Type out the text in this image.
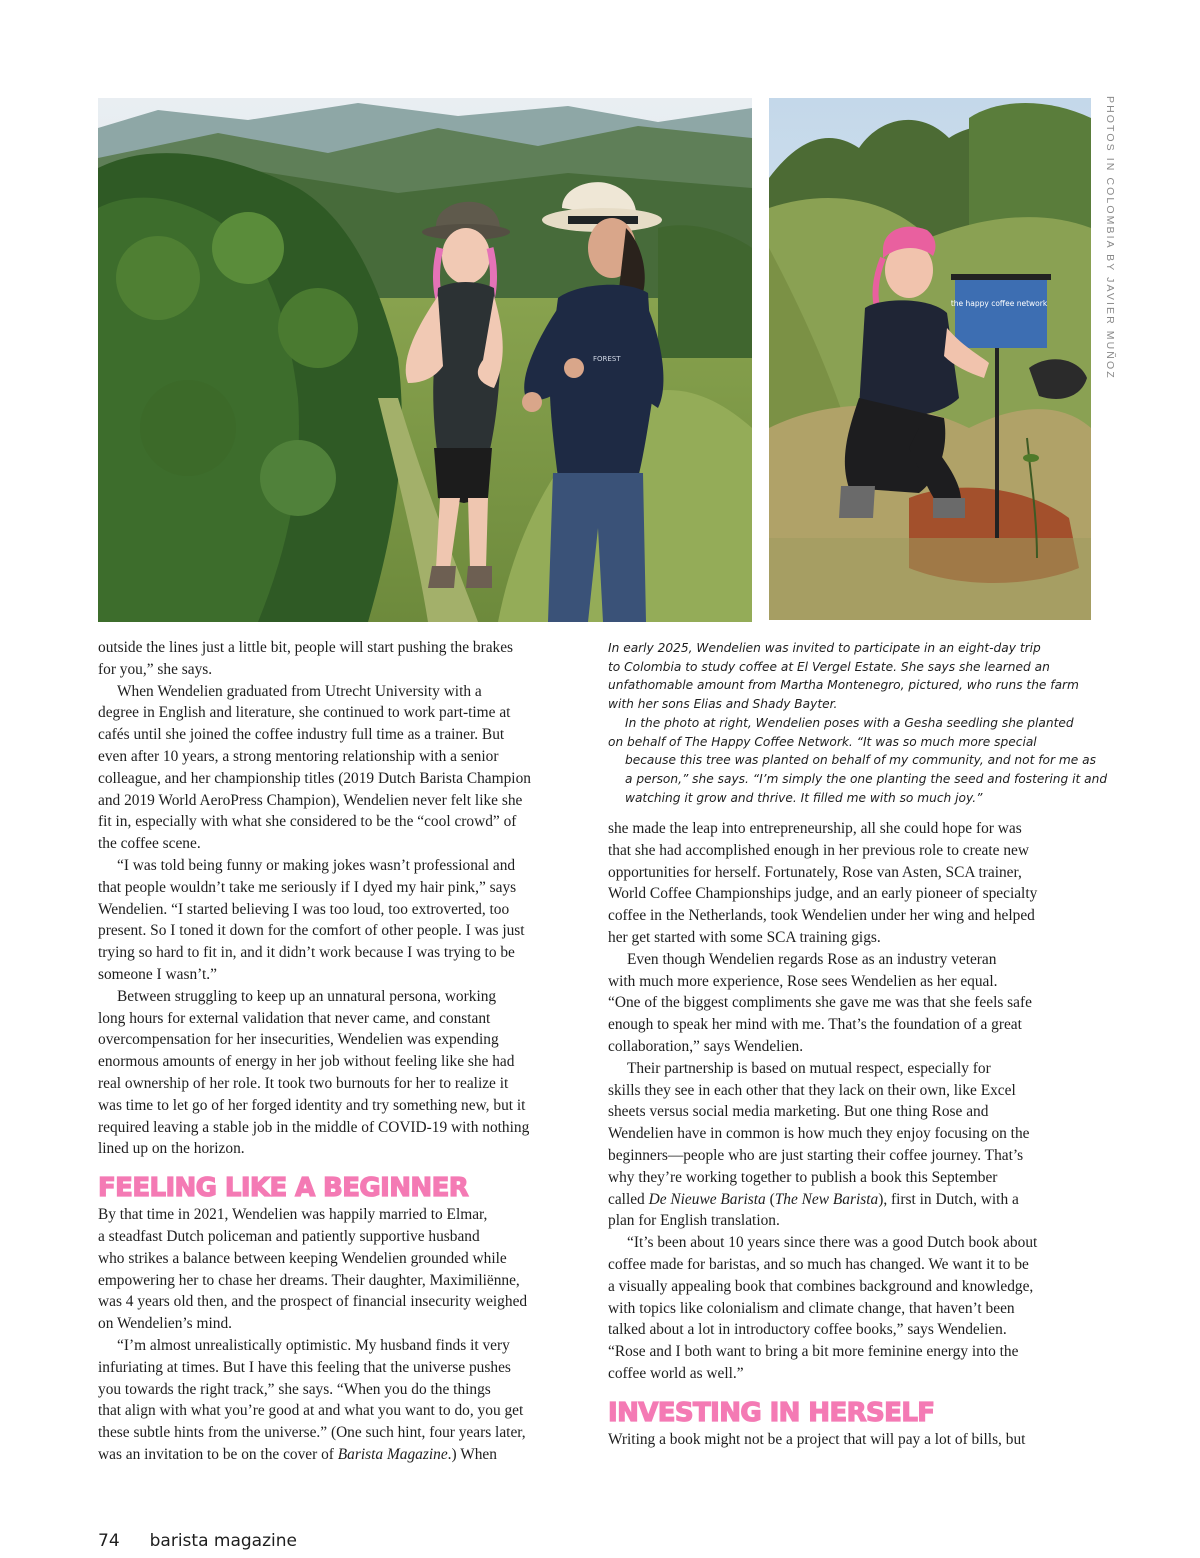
FOREST
the happy coffee network	PHOTOS IN COLOMBIA BY JAVIER MUÑOZ

In early 2025, Wendelien was invited to participate in an eight-day trip
to Colombia to study coffee at El Vergel Estate. She says she learned an
unfathomable amount from Martha Montenegro, pictured, who runs the farm
with her sons Elias and Shady Bayter.

In the photo at right, Wendelien poses with a Gesha seedling she planted
on behalf of The Happy Coffee Network. “It was so much more special
because this tree was planted on behalf of my community, and not for me as
a person,” she says. “I’m simply the one planting the seed and fostering it and
watching it grow and thrive. It filled me with so much joy.”

outside the lines just a little bit, people will start pushing the brakes
for you,” she says.

When Wendelien graduated from Utrecht University with a

degree in English and literature, she continued to work part-time at
cafés until she joined the coffee industry full time as a trainer. But
even after 10 years, a strong mentoring relationship with a senior
colleague, and her championship titles (2019 Dutch Barista Champion
and 2019 World AeroPress Champion), Wendelien never felt like she
fit in, especially with what she considered to be the “cool crowd” of
the coffee scene.

“I was told being funny or making jokes wasn’t professional and

that people wouldn’t take me seriously if I dyed my hair pink,” says
Wendelien. “I started believing I was too loud, too extroverted, too
present. So I toned it down for the comfort of other people. I was just
trying so hard to fit in, and it didn’t work because I was trying to be
someone I wasn’t.”

Between struggling to keep up an unnatural persona, working

long hours for external validation that never came, and constant
overcompensation for her insecurities, Wendelien was expending
enormous amounts of energy in her job without feeling like she had
real ownership of her role. It took two burnouts for her to realize it
was time to let go of her forged identity and try something new, but it
required leaving a stable job in the middle of COVID-19 with nothing
lined up on the horizon.

FEELING LIKE A BEGINNER

By that time in 2021, Wendelien was happily married to Elmar,
a steadfast Dutch policeman and patiently supportive husband
who strikes a balance between keeping Wendelien grounded while
empowering her to chase her dreams. Their daughter, Maximiliënne,
was 4 years old then, and the prospect of financial insecurity weighed
on Wendelien’s mind.

“I’m almost unrealistically optimistic. My husband finds it very

infuriating at times. But I have this feeling that the universe pushes
you towards the right track,” she says. “When you do the things
that align with what you’re good at and what you want to do, you get
these subtle hints from the universe.” (One such hint, four years later,
was an invitation to be on the cover of Barista Magazine.) When

she made the leap into entrepreneurship, all she could hope for was
that she had accomplished enough in her previous role to create new
opportunities for herself. Fortunately, Rose van Asten, SCA trainer,
World Coffee Championships judge, and an early pioneer of specialty
coffee in the Netherlands, took Wendelien under her wing and helped
her get started with some SCA training gigs.

Even though Wendelien regards Rose as an industry veteran

with much more experience, Rose sees Wendelien as her equal.
“One of the biggest compliments she gave me was that she feels safe
enough to speak her mind with me. That’s the foundation of a great
collaboration,” says Wendelien.

Their partnership is based on mutual respect, especially for

skills they see in each other that they lack on their own, like Excel
sheets versus social media marketing. But one thing Rose and
Wendelien have in common is how much they enjoy focusing on the
beginners—people who are just starting their coffee journey. That’s
why they’re working together to publish a book this September
called De Nieuwe Barista (The New Barista), first in Dutch, with a
plan for English translation.

“It’s been about 10 years since there was a good Dutch book about

coffee made for baristas, and so much has changed. We want it to be
a visually appealing book that combines background and knowledge,
with topics like colonialism and climate change, that haven’t been
talked about a lot in introductory coffee books,” says Wendelien.
“Rose and I both want to bring a bit more feminine energy into the
coffee world as well.”

INVESTING IN HERSELF

Writing a book might not be a project that will pay a lot of bills, but

74 barista magazine
